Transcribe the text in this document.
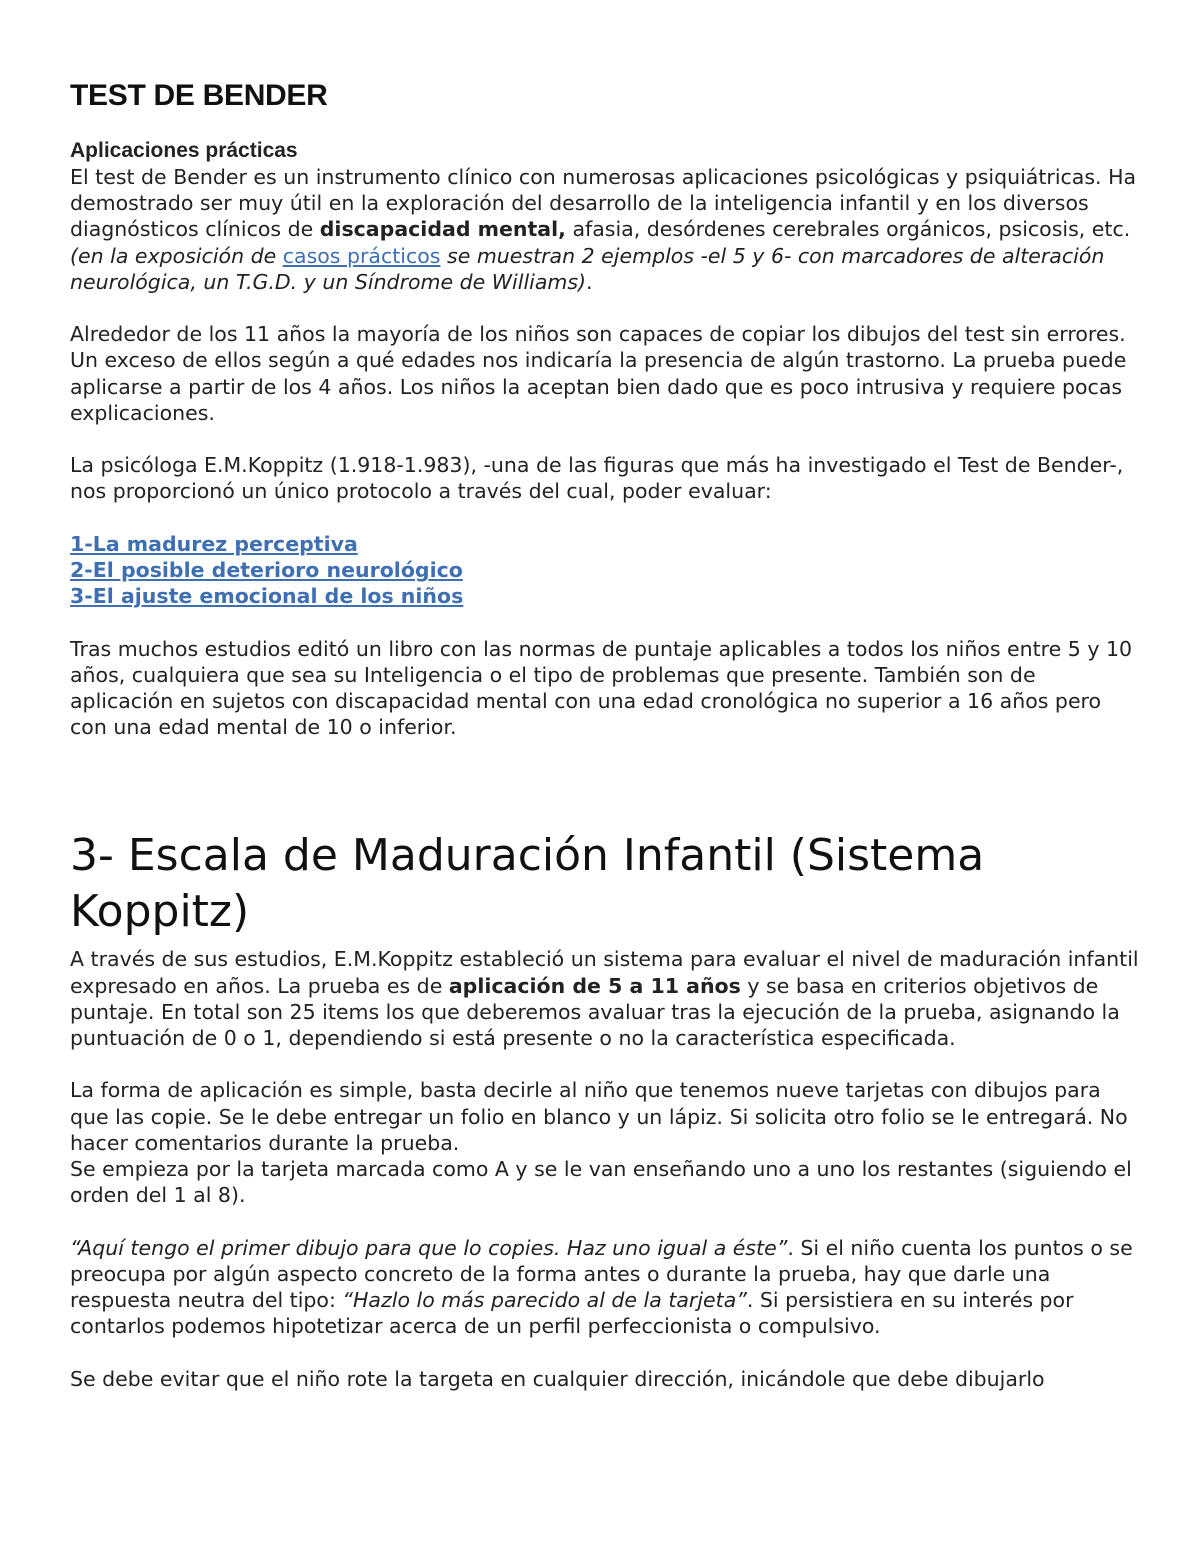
TEST DE BENDER
Aplicaciones prácticas

El test de Bender es un instrumento clínico con numerosas aplicaciones psicológicas y psiquiátricas. Ha demostrado ser muy útil en la exploración del desarrollo de la inteligencia infantil y en los diversos diagnósticos clínicos de discapacidad mental, afasia, desórdenes cerebrales orgánicos, psicosis, etc. (en la exposición de casos prácticos se muestran 2 ejemplos -el 5 y 6- con marcadores de alteración neurológica, un T.G.D. y un Síndrome de Williams).

Alrededor de los 11 años la mayoría de los niños son capaces de copiar los dibujos del test sin errores. Un exceso de ellos según a qué edades nos indicaría la presencia de algún trastorno. La prueba puede aplicarse a partir de los 4 años. Los niños la aceptan bien dado que es poco intrusiva y requiere pocas explicaciones.

La psicóloga E.M.Koppitz (1.918-1.983), -una de las figuras que más ha investigado el Test de Bender-, nos proporcionó un único protocolo a través del cual, poder evaluar:

1-La madurez perceptiva
2-El posible deterioro neurológico
3-El ajuste emocional de los niños

Tras muchos estudios editó un libro con las normas de puntaje aplicables a todos los niños entre 5 y 10 años, cualquiera que sea su Inteligencia o el tipo de problemas que presente. También son de aplicación en sujetos con discapacidad mental con una edad cronológica no superior a 16 años pero con una edad mental de 10 o inferior.

3- Escala de Maduración Infantil (Sistema Koppitz)

A través de sus estudios, E.M.Koppitz estableció un sistema para evaluar el nivel de maduración infantil expresado en años. La prueba es de aplicación de 5 a 11 años y se basa en criterios objetivos de puntaje. En total son 25 items los que deberemos avaluar tras la ejecución de la prueba, asignando la puntuación de 0 o 1, dependiendo si está presente o no la característica especificada.

La forma de aplicación es simple, basta decirle al niño que tenemos nueve tarjetas con dibujos para que las copie. Se le debe entregar un folio en blanco y un lápiz. Si solicita otro folio se le entregará. No hacer comentarios durante la prueba.

Se empieza por la tarjeta marcada como A y se le van enseñando uno a uno los restantes (siguiendo el orden del 1 al 8).

“Aquí tengo el primer dibujo para que lo copies. Haz uno igual a éste”. Si el niño cuenta los puntos o se preocupa por algún aspecto concreto de la forma antes o durante la prueba, hay que darle una respuesta neutra del tipo: “Hazlo lo más parecido al de la tarjeta”. Si persistiera en su interés por contarlos podemos hipotetizar acerca de un perfil perfeccionista o compulsivo.

Se debe evitar que el niño rote la targeta en cualquier dirección, inicándole que debe dibujarlo
